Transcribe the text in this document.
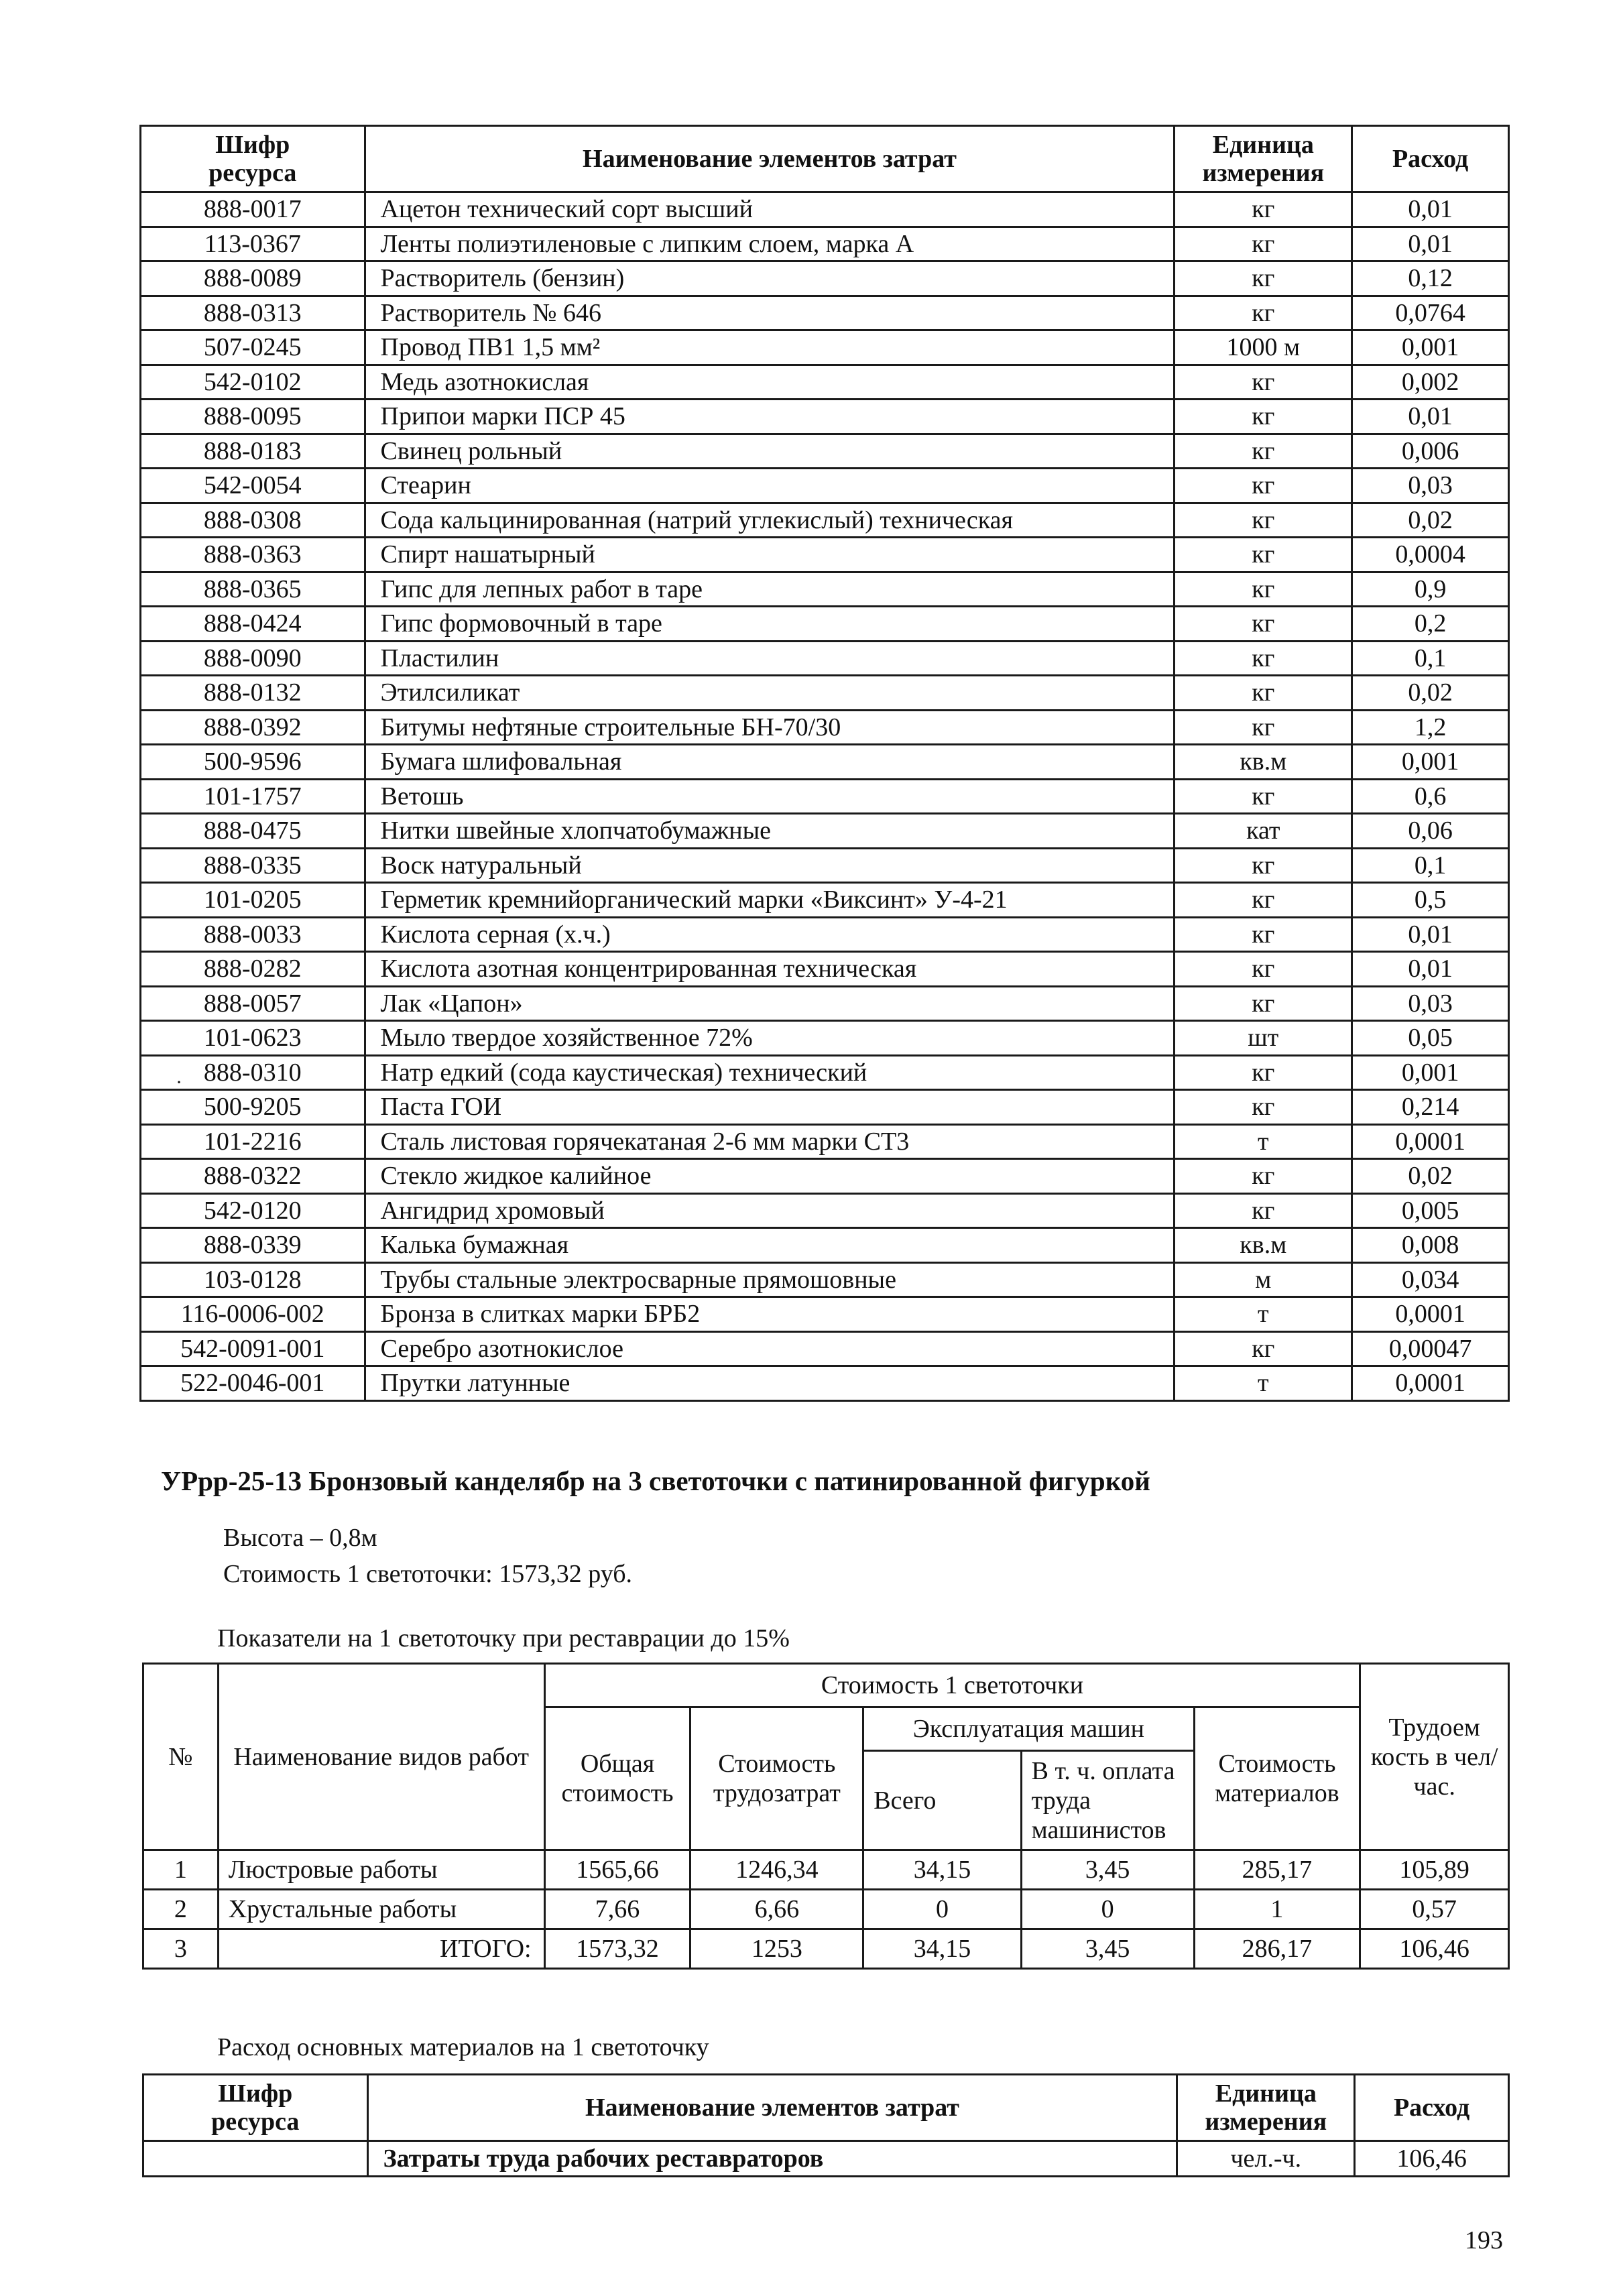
Шифр
ресурса	Наименование элементов затрат	Единица
измерения	Расход
888-0017	Ацетон технический сорт высший	кг	0,01
113-0367	Ленты полиэтиленовые с липким слоем, марка А	кг	0,01
888-0089	Растворитель (бензин)	кг	0,12
888-0313	Растворитель № 646	кг	0,0764
507-0245	Провод ПВ1 1,5 мм²	1000 м	0,001
542-0102	Медь азотнокислая	кг	0,002
888-0095	Припои марки ПСР 45	кг	0,01
888-0183	Свинец рольный	кг	0,006
542-0054	Стеарин	кг	0,03
888-0308	Сода кальцинированная (натрий углекислый) техническая	кг	0,02
888-0363	Спирт нашатырный	кг	0,0004
888-0365	Гипс для лепных работ в таре	кг	0,9
888-0424	Гипс формовочный в таре	кг	0,2
888-0090	Пластилин	кг	0,1
888-0132	Этилсиликат	кг	0,02
888-0392	Битумы нефтяные строительные БН-70/30	кг	1,2
500-9596	Бумага шлифовальная	кв.м	0,001
101-1757	Ветошь	кг	0,6
888-0475	Нитки швейные хлопчатобумажные	кат	0,06
888-0335	Воск натуральный	кг	0,1
101-0205	Герметик кремнийорганический марки «Виксинт» У-4-21	кг	0,5
888-0033	Кислота серная (х.ч.)	кг	0,01
888-0282	Кислота азотная концентрированная техническая	кг	0,01
888-0057	Лак «Цапон»	кг	0,03
101-0623	Мыло твердое хозяйственное 72%	шт	0,05
888-0310	Натр едкий (сода каустическая) технический	кг	0,001
500-9205	Паста ГОИ	кг	0,214
101-2216	Сталь листовая горячекатаная 2-6 мм марки СТ3	т	0,0001
888-0322	Стекло жидкое калийное	кг	0,02
542-0120	Ангидрид хромовый	кг	0,005
888-0339	Калька бумажная	кв.м	0,008
103-0128	Трубы стальные электросварные прямошовные	м	0,034
116-0006-002	Бронза в слитках марки БРБ2	т	0,0001
542-0091-001	Серебро азотнокислое	кг	0,00047
522-0046-001	Прутки латунные	т	0,0001
·
УРрр-25-13 Бронзовый канделябр на 3 светоточки с патинированной фигуркой
Высота – 0,8м
Стоимость 1 светоточки: 1573,32 руб.
Показатели на 1 светоточку при реставрации до 15%
№	Наименование видов работ	Стоимость 1 светоточки					Трудоем кость в чел/час.
		Общая стоимость	Стоимость трудозатрат	Эксплуатация машин		Стоимость материалов	
				Всего	В т. ч. оплата труда машинистов		
1	Люстровые работы	1565,66	1246,34	34,15	3,45	285,17	105,89
2	Хрустальные работы	7,66	6,66	0	0	1	0,57
3	ИТОГО:	1573,32	1253	34,15	3,45	286,17	106,46
Расход основных материалов на 1 светоточку
Шифр
ресурса	Наименование элементов затрат	Единица
измерения	Расход
	Затраты труда рабочих реставраторов	чел.-ч.	106,46
193
